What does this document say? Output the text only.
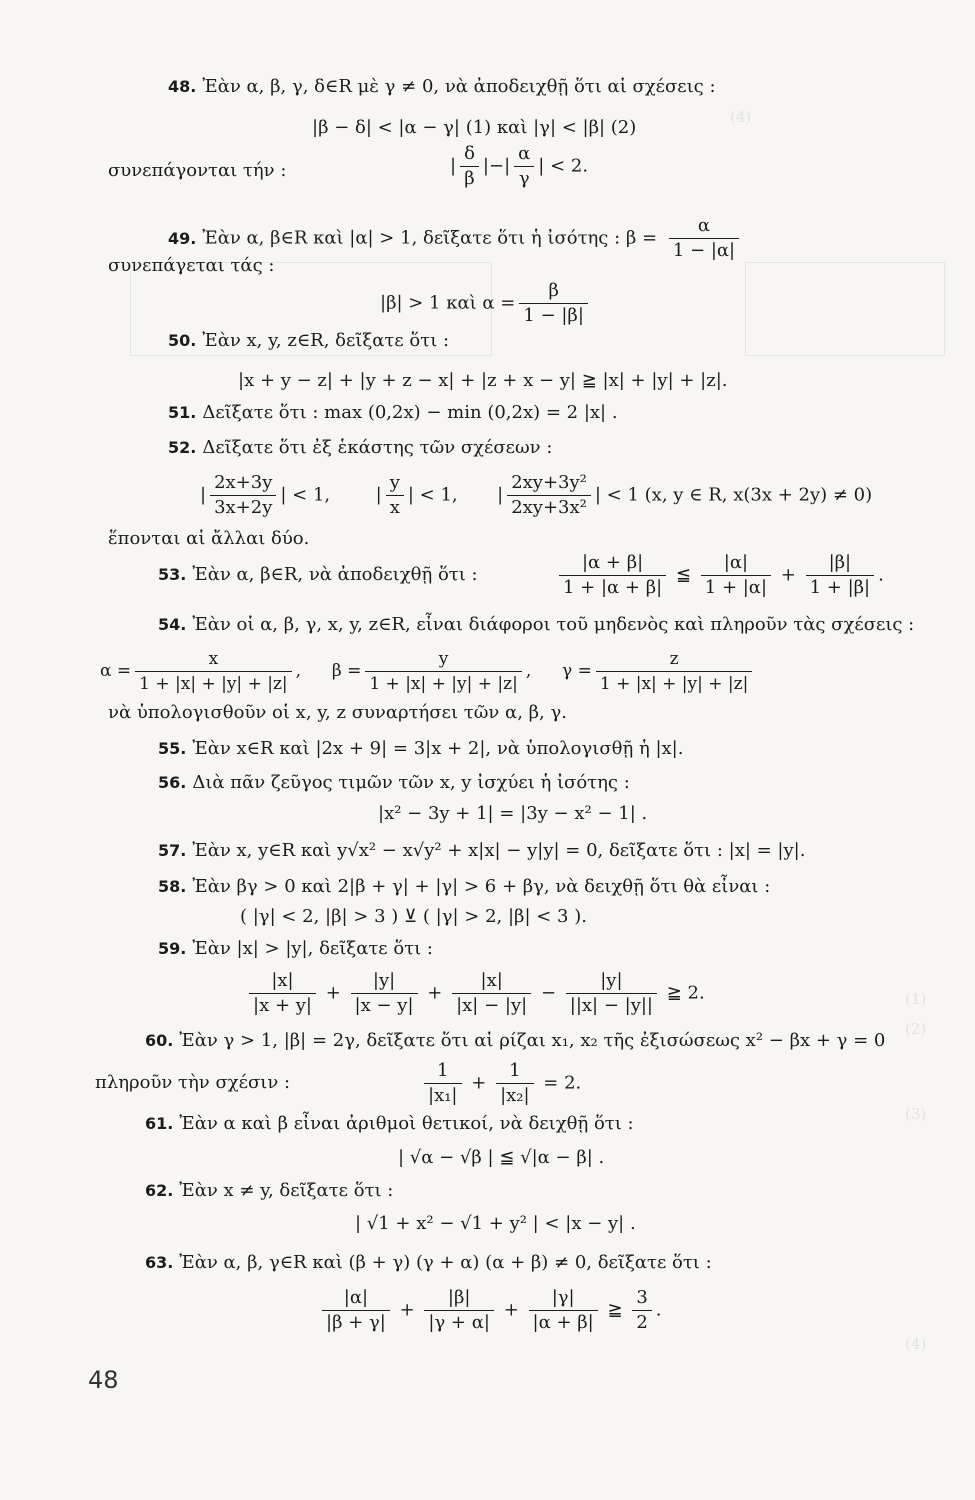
(4)
(1)
(2)
(3)
(4)
48. Ἐὰν α, β, γ, δ∈R μὲ γ ≠ 0, νὰ ἀποδειχθῇ ὅτι αἱ σχέσεις :
|β − δ| < |α − γ| (1) καὶ |γ| < |β| (2)
συνεπάγονται τήν :	| $\frac{\delta}{\beta}$ |−| $\frac{\alpha}{\gamma}$ | < 2.
49. Ἐὰν α, β∈R καὶ |α| > 1, δεῖξατε ὅτι ἡ ἰσότης : $\beta = \frac{\alpha}{1 - |\alpha|}$
συνεπάγεται τάς :
|β| > 1 καὶ $\alpha = \frac{\beta}{1 - |\beta|}$
50. Ἐὰν x, y, z∈R, δεῖξατε ὅτι :
|x + y − z| + |y + z − x| + |z + x − y| ≧ |x| + |y| + |z|.
51. Δεῖξατε ὅτι : max (0,2x) − min (0,2x) = 2 |x| .
52. Δεῖξατε ὅτι ἐξ ἑκάστης τῶν σχέσεων :
| $\frac{2x+3y}{3x+2y}$ | < 1,	| $\frac{y}{x}$ | < 1, | $\frac{\text{2xy+3y²}}{\text{2xy+3x²}}$ | < 1 (x, y ∈ R, x(3x + 2y) ≠ 0)
ἕπονται αἱ ἄλλαι δύο.
53. Ἐὰν α, β∈R, νὰ ἀποδειχθῇ ὅτι :	$\frac{|\alpha + \beta|}{1 + |\alpha + \beta|}$ ≦ $\frac{|\alpha|}{1 + |\alpha|} + \frac{|\beta|}{1 + |\beta|}$ .
54. Ἐὰν οἱ α, β, γ, x, y, z∈R, εἶναι διάφοροι τοῦ μηδενὸς καὶ πληροῦν τὰς σχέσεις :
$\alpha = \frac{x}{1 + |x| + |y| + |z|}$ , $\beta = \frac{y}{1 + |x| + |y| + |z|}$ , $\gamma = \frac{z}{1 + |x| + |y| + |z|}$
νὰ ὑπολογισθοῦν οἱ x, y, z συναρτήσει τῶν α, β, γ.
55. Ἐὰν x∈R καὶ |2x + 9| = 3|x + 2|, νὰ ὑπολογισθῇ ἡ |x|.
56. Διὰ πᾶν ζεῦγος τιμῶν τῶν x, y ἰσχύει ἡ ἰσότης :
|x² − 3y + 1| = |3y − x² − 1| .
57. Ἐὰν x, y∈R καὶ y√x² − x√y² + x|x| − y|y| = 0, δεῖξατε ὅτι : |x| = |y|.
58. Ἐὰν βγ > 0 καὶ 2|β + γ| + |γ| > 6 + βγ, νὰ δειχθῇ ὅτι θὰ εἶναι :
( |γ| < 2, |β| > 3 ) ⊻ ( |γ| > 2, |β| < 3 ).
59. Ἐὰν |x| > |y|, δεῖξατε ὅτι :
$\frac{|x|}{|x + y|} + \frac{|y|}{|x - y|} + \frac{|x|}{|x| - |y|} - \frac{|y|}{||x| - |y||}$ ≧ 2.
60. Ἐὰν γ > 1, |β| = 2γ, δεῖξατε ὅτι αἱ ρίζαι x₁, x₂ τῆς ἐξισώσεως x² − βx + γ = 0
πληροῦν τὴν σχέσιν :	$\frac{1}{\text{|x₁|}} + \frac{1}{\text{|x₂|}} = 2$.
61. Ἐὰν α καὶ β εἶναι ἀριθμοὶ θετικοί, νὰ δειχθῇ ὅτι :
| √α − √β | ≦ √|α − β| .
62. Ἐὰν x ≠ y, δεῖξατε ὅτι :
| √1 + x² − √1 + y² | < |x − y| .
63. Ἐὰν α, β, γ∈R καὶ (β + γ) (γ + α) (α + β) ≠ 0, δεῖξατε ὅτι :
$\frac{|\alpha|}{|\beta + \gamma|} + \frac{|\beta|}{|\gamma + \alpha|} + \frac{|\gamma|}{|\alpha + \beta|}$ ≧ $\frac{3}{2}$ .
48
